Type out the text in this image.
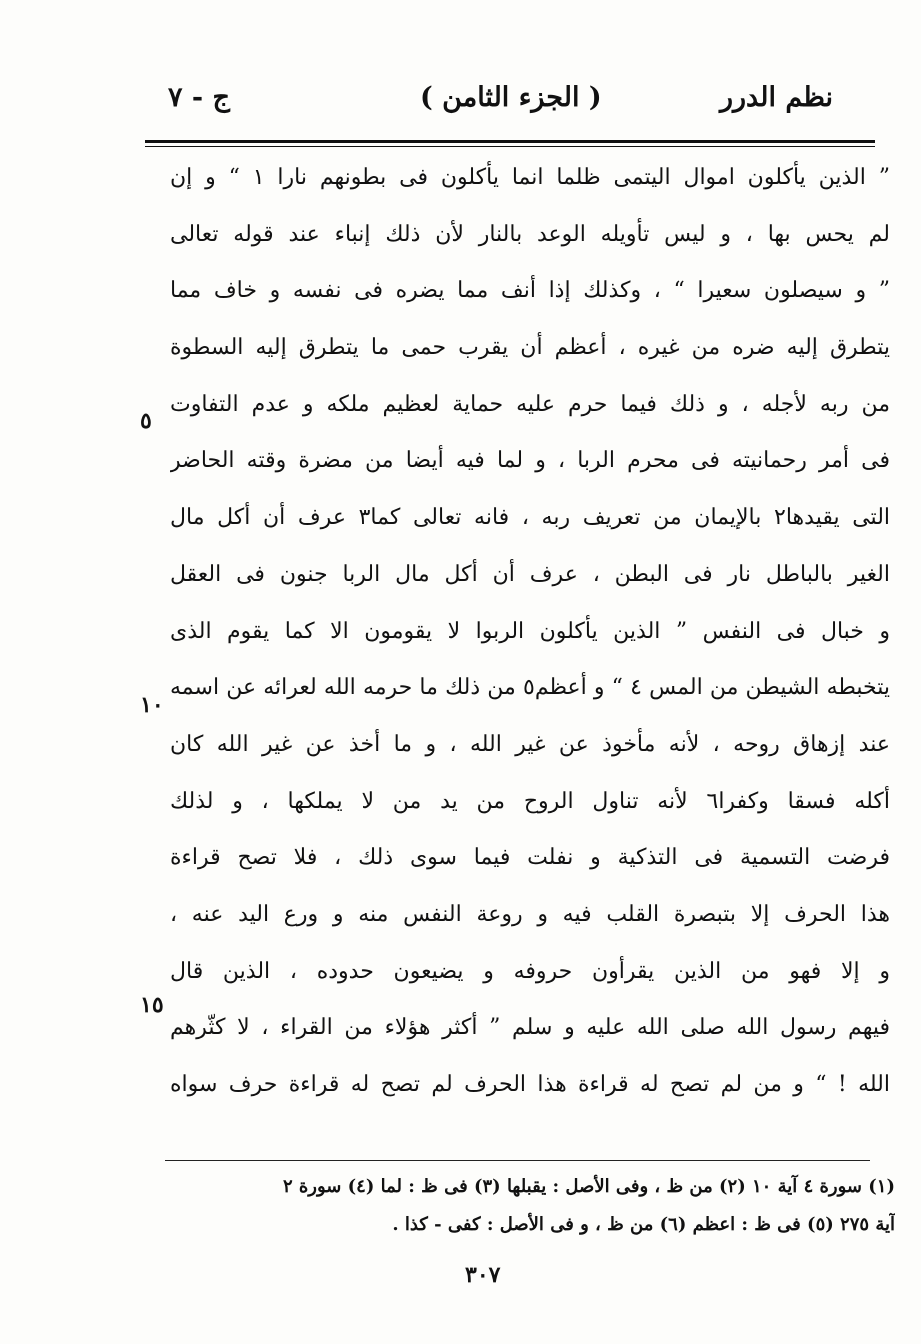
نظم الدرر
( الجزء الثامن )
ج - ٧
” الذين يأكلون اموال اليتمى ظلما انما يأكلون فى بطونهم نارا ١ “ و إن
لم يحس بها ، و ليس تأويله الوعد بالنار لأن ذلك إنباء عند قوله تعالى
” و سيصلون سعيرا “ ، وكذلك إذا أنف مما يضره فى نفسه و خاف مما
يتطرق إليه ضره من غيره ، أعظم أن يقرب حمى ما يتطرق إليه السطوة
من ربه لأجله ، و ذلك فيما حرم عليه حماية لعظيم ملكه و عدم التفاوت
فى أمر رحمانيته فى محرم الربا ، و لما فيه أيضا من مضرة وقته الحاضر
التى يقيدها٢ بالإيمان من تعريف ربه ، فانه تعالى كما٣ عرف أن أكل مال
الغير بالباطل نار فى البطن ، عرف أن أكل مال الربا جنون فى العقل
و خبال فى النفس ” الذين يأكلون الربوا لا يقومون الا كما يقوم الذى
يتخبطه الشيطن من المس ٤ “ و أعظم٥ من ذلك ما حرمه الله لعرائه عن اسمه
عند إزهاق روحه ، لأنه مأخوذ عن غير الله ، و ما أخذ عن غير الله كان
أكله فسقا وكفرا٦ لأنه تناول الروح من يد من لا يملكها ، و لذلك
فرضت التسمية فى التذكية و نفلت فيما سوى ذلك ، فلا تصح قراءة
هذا الحرف إلا بتبصرة القلب فيه و روعة النفس منه و ورع اليد عنه ،
و إلا فهو من الذين يقرأون حروفه و يضيعون حدوده ، الذين قال
فيهم رسول الله صلى الله عليه و سلم ” أكثر هؤلاء من القراء ، لا كثّرهم
الله ! “ و من لم تصح له قراءة هذا الحرف لم تصح له قراءة حرف سواه
٥
١٠
١٥
(١) سورة ٤ آية ١٠ (٢) من ظ ، وفى الأصل : يقبلها (٣) فى ظ : لما (٤) سورة ٢
آية ٢٧٥ (٥) فى ظ : اعظم (٦) من ظ ، و فى الأصل : كفى - كذا .
٣٠٧
